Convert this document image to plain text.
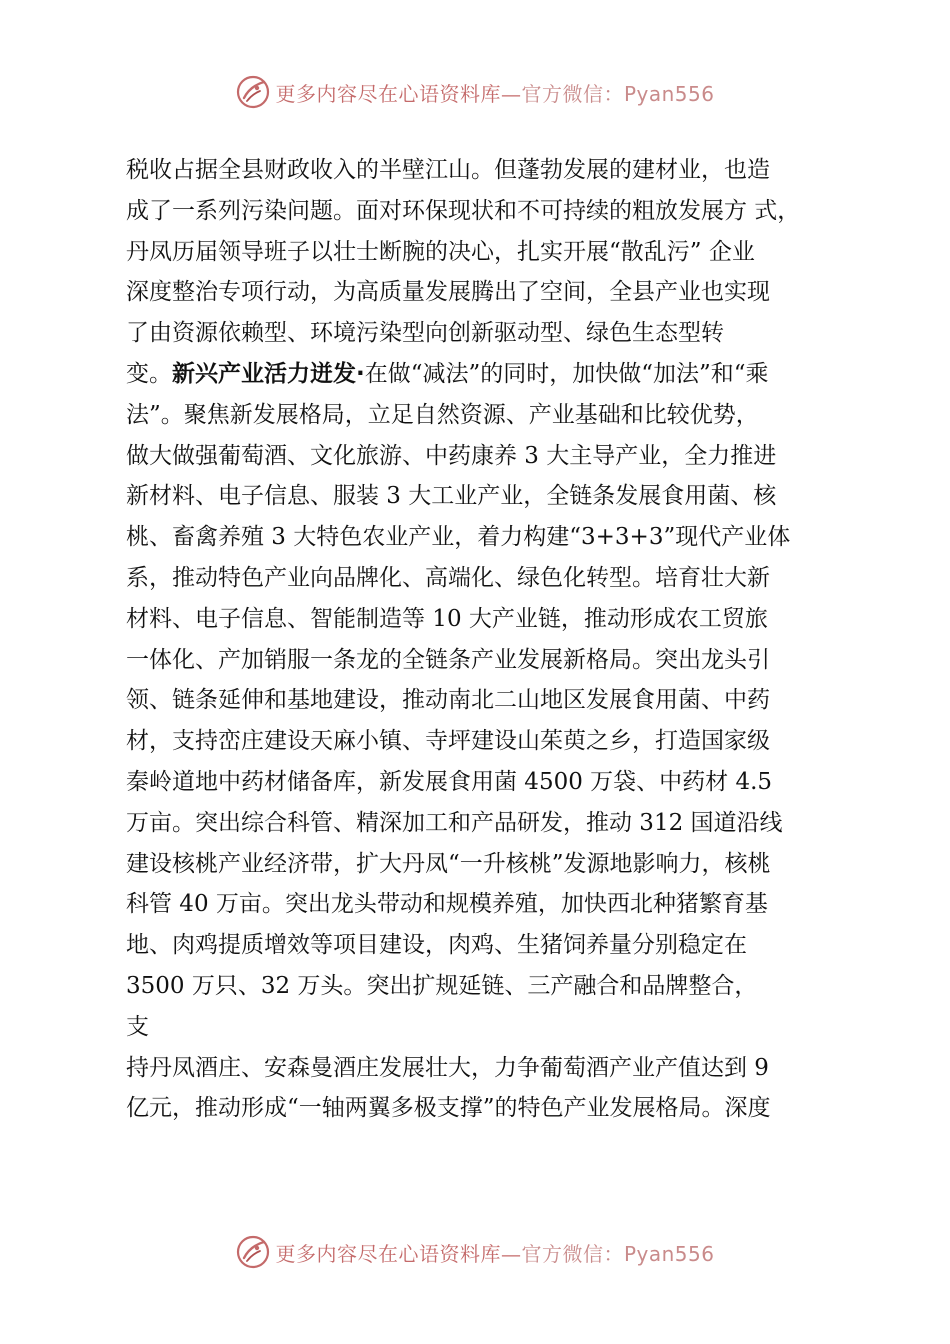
更多内容尽在心语资料库—官方微信：Pyan556
税收占据全县财政收入的半壁江山。但蓬勃发展的建材业，也造
成了一系列污染问题。面对环保现状和不可持续的粗放发展方 式，
丹凤历届领导班子以壮士断腕的决心，扎实开展“散乱污” 企业
深度整治专项行动，为高质量发展腾出了空间，全县产业也实现
了由资源依赖型、环境污染型向创新驱动型、绿色生态型转
变。新兴产业活力迸发·在做“减法”的同时，加快做“加法”和“乘
法”。聚焦新发展格局，立足自然资源、产业基础和比较优势，
做大做强葡萄酒、文化旅游、中药康养 3 大主导产业，全力推进
新材料、电子信息、服装 3 大工业产业，全链条发展食用菌、核
桃、畜禽养殖 3 大特色农业产业，着力构建“3+3+3”现代产业体
系，推动特色产业向品牌化、高端化、绿色化转型。培育壮大新
材料、电子信息、智能制造等 10 大产业链，推动形成农工贸旅
一体化、产加销服一条龙的全链条产业发展新格局。突出龙头引
领、链条延伸和基地建设，推动南北二山地区发展食用菌、中药
材，支持峦庄建设天麻小镇、寺坪建设山茱萸之乡，打造国家级
秦岭道地中药材储备库，新发展食用菌 4500 万袋、中药材 4.5
万亩。突出综合科管、精深加工和产品研发，推动 312 国道沿线
建设核桃产业经济带，扩大丹凤“一升核桃”发源地影响力，核桃
科管 40 万亩。突出龙头带动和规模养殖，加快西北种猪繁育基
地、肉鸡提质增效等项目建设，肉鸡、生猪饲养量分别稳定在
3500 万只、32 万头。突出扩规延链、三产融合和品牌整合，
支
持丹凤酒庄、安森曼酒庄发展壮大，力争葡萄酒产业产值达到 9
亿元，推动形成“一轴两翼多极支撑”的特色产业发展格局。深度
更多内容尽在心语资料库—官方微信：Pyan556
